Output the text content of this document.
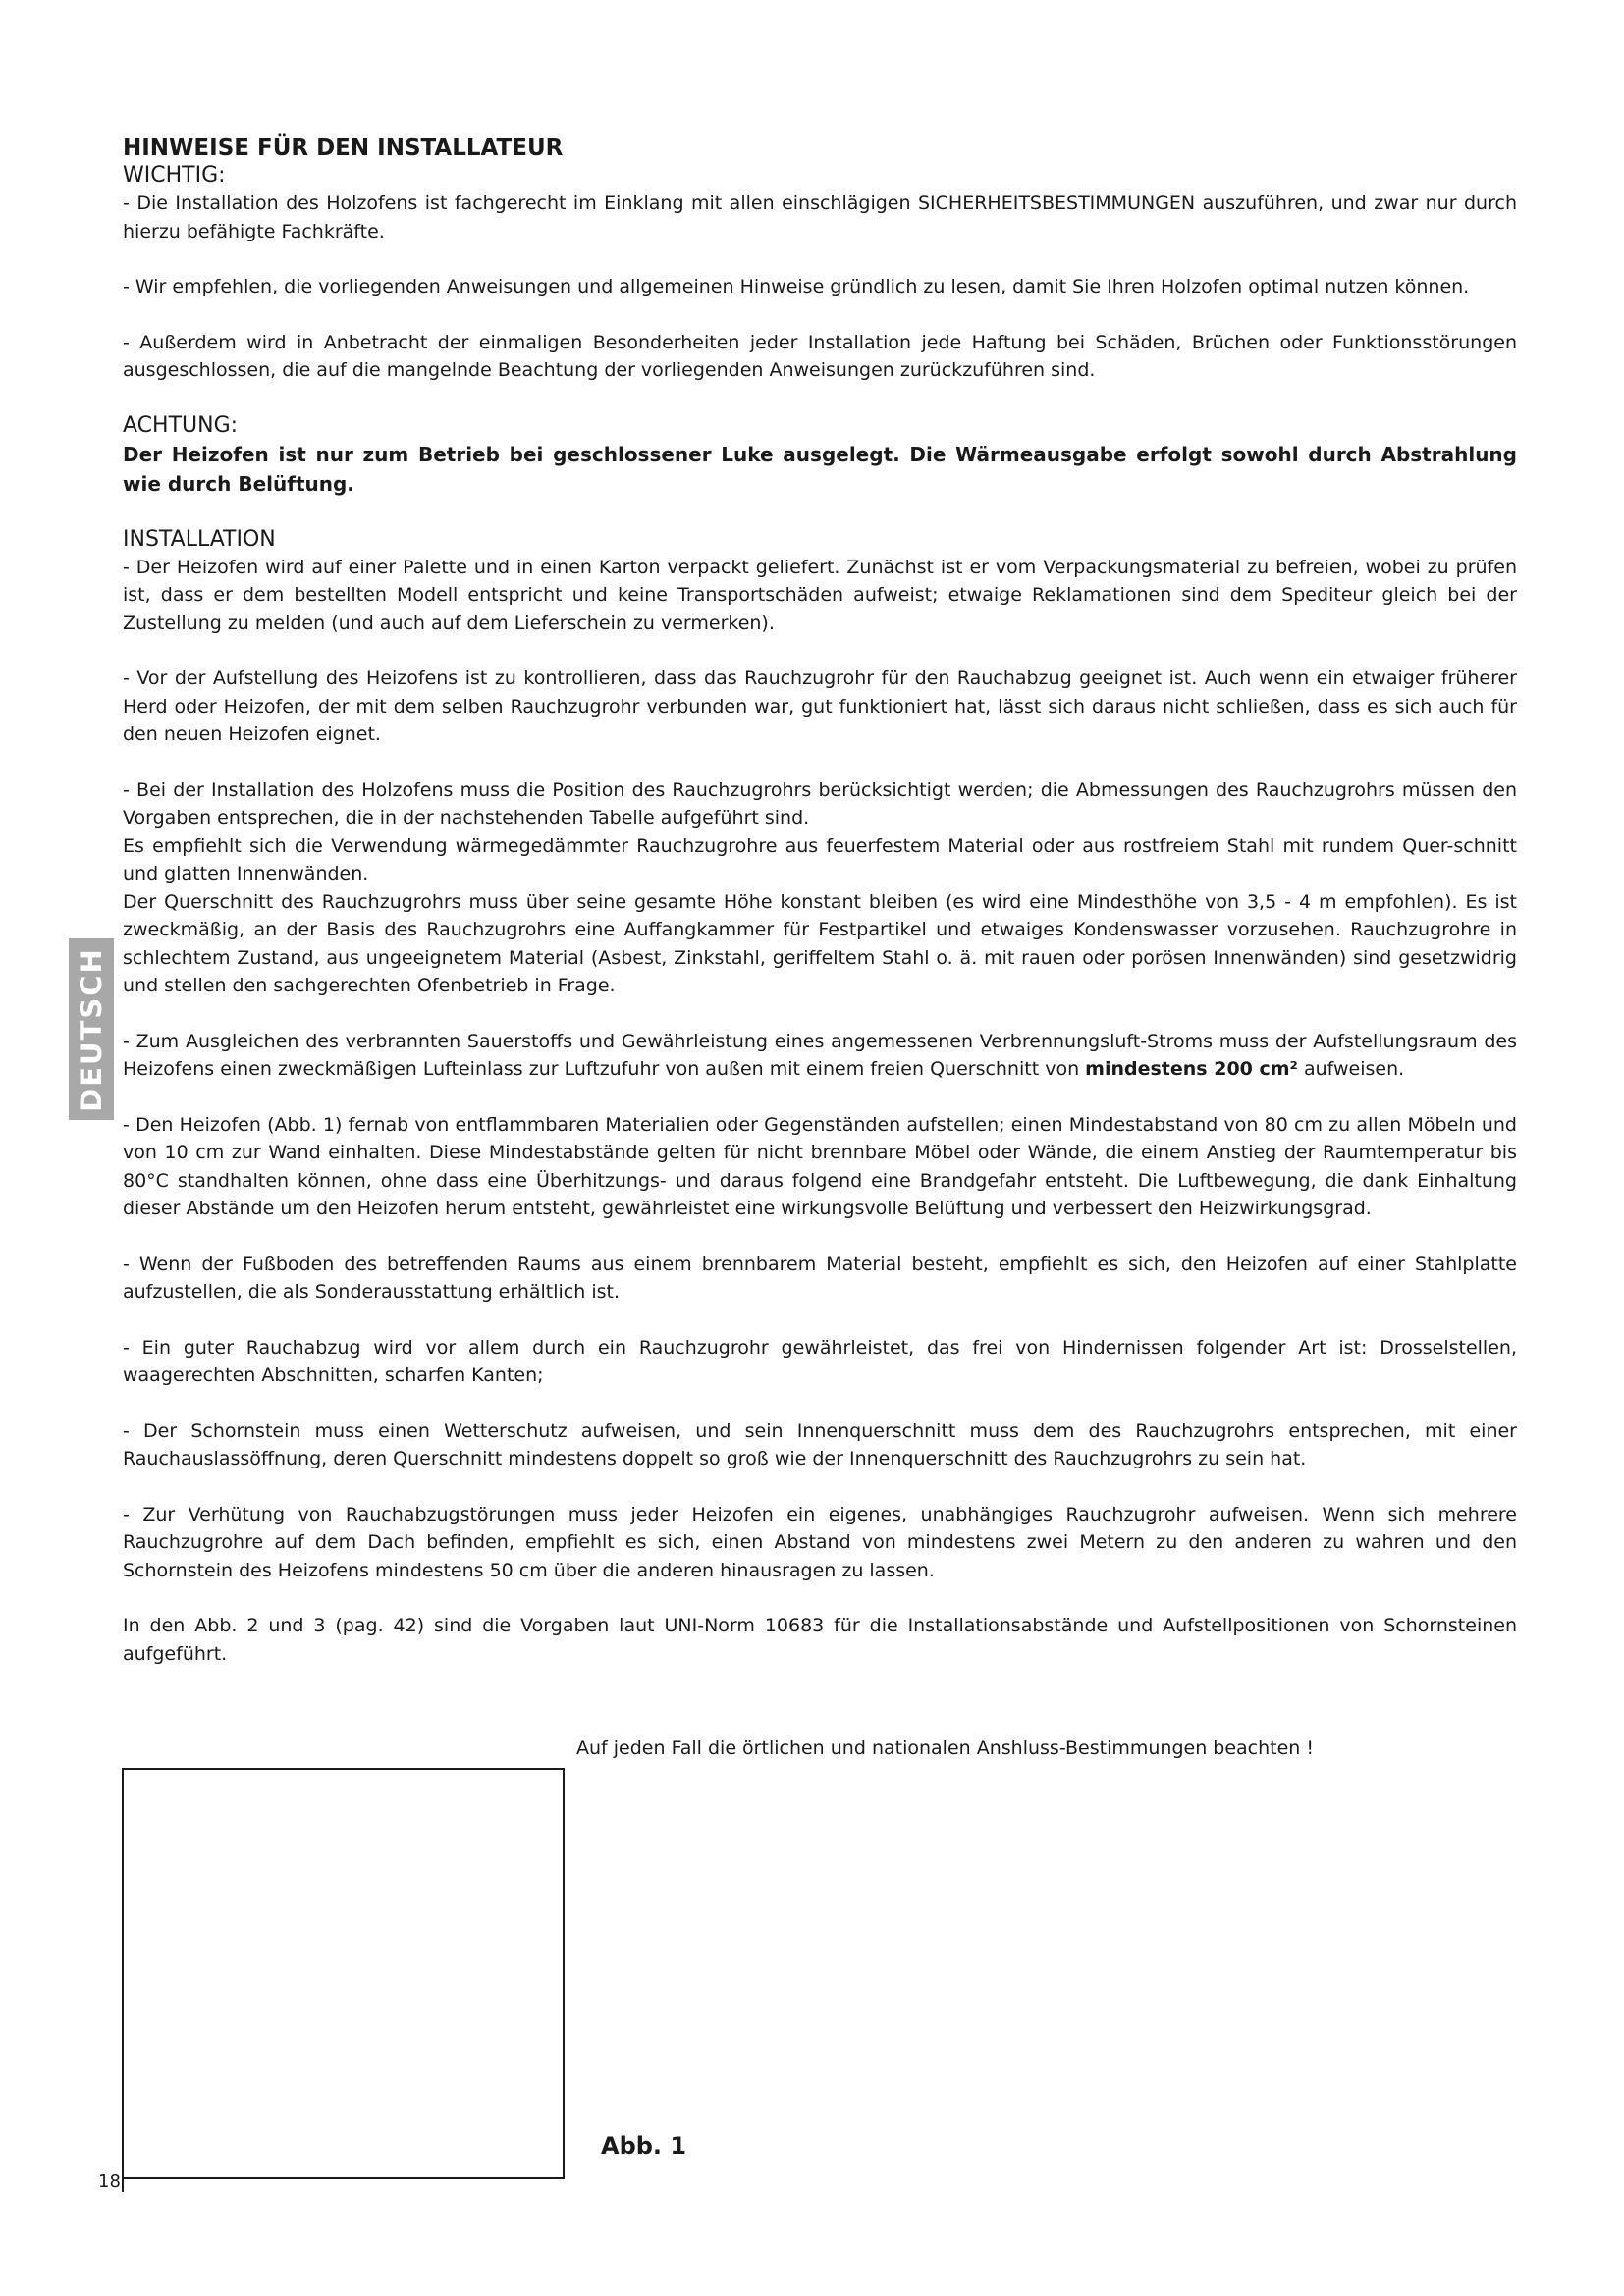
DEUTSCH
HINWEISE FÜR DEN INSTALLATEUR
WICHTIG:

- Die Installation des Holzofens ist fachgerecht im Einklang mit allen einschlägigen SICHERHEITSBESTIMMUNGEN auszuführen, und zwar nur durch hierzu befähigte Fachkräfte.

- Wir empfehlen, die vorliegenden Anweisungen und allgemeinen Hinweise gründlich zu lesen, damit Sie Ihren Holzofen optimal nutzen können.

- Außerdem wird in Anbetracht der einmaligen Besonderheiten jeder Installation jede Haftung bei Schäden, Brüchen oder Funktionsstörungen ausgeschlossen, die auf die mangelnde Beachtung der vorliegenden Anweisungen zurückzuführen sind.

ACHTUNG:

Der Heizofen ist nur zum Betrieb bei geschlossener Luke ausgelegt. Die Wärmeausgabe erfolgt sowohl durch Abstrahlung wie durch Belüftung.

INSTALLATION

- Der Heizofen wird auf einer Palette und in einen Karton verpackt geliefert. Zunächst ist er vom Verpackungsmaterial zu befreien, wobei zu prüfen ist, dass er dem bestellten Modell entspricht und keine Transportschäden aufweist; etwaige Reklamationen sind dem Spediteur gleich bei der Zustellung zu melden (und auch auf dem Lieferschein zu vermerken).

- Vor der Aufstellung des Heizofens ist zu kontrollieren, dass das Rauchzugrohr für den Rauchabzug geeignet ist. Auch wenn ein etwaiger früherer Herd oder Heizofen, der mit dem selben Rauchzugrohr verbunden war, gut funktioniert hat, lässt sich daraus nicht schließen, dass es sich auch für den neuen Heizofen eignet.

- Bei der Installation des Holzofens muss die Position des Rauchzugrohrs berücksichtigt werden; die Abmessungen des Rauchzugrohrs müssen den Vorgaben entsprechen, die in der nachstehenden Tabelle aufgeführt sind.

Es empfiehlt sich die Verwendung wärmegedämmter Rauchzugrohre aus feuerfestem Material oder aus rostfreiem Stahl mit rundem Quer-schnitt und glatten Innenwänden.

Der Querschnitt des Rauchzugrohrs muss über seine gesamte Höhe konstant bleiben (es wird eine Mindesthöhe von 3,5 - 4 m empfohlen). Es ist zweckmäßig, an der Basis des Rauchzugrohrs eine Auffangkammer für Festpartikel und etwaiges Kondenswasser vorzusehen. Rauchzugrohre in schlechtem Zustand, aus ungeeignetem Material (Asbest, Zinkstahl, geriffeltem Stahl o. ä. mit rauen oder porösen Innenwänden) sind gesetzwidrig und stellen den sachgerechten Ofenbetrieb in Frage.

- Zum Ausgleichen des verbrannten Sauerstoffs und Gewährleistung eines angemessenen Verbrennungsluft-Stroms muss der Aufstellungsraum des Heizofens einen zweckmäßigen Lufteinlass zur Luftzufuhr von außen mit einem freien Querschnitt von mindestens 200 cm² aufweisen.

- Den Heizofen (Abb. 1) fernab von entflammbaren Materialien oder Gegenständen aufstellen; einen Mindestabstand von 80 cm zu allen Möbeln und von 10 cm zur Wand einhalten. Diese Mindestabstände gelten für nicht brennbare Möbel oder Wände, die einem Anstieg der Raumtemperatur bis 80°C standhalten können, ohne dass eine Überhitzungs- und daraus folgend eine Brandgefahr entsteht. Die Luftbewegung, die dank Einhaltung dieser Abstände um den Heizofen herum entsteht, gewährleistet eine wirkungsvolle Belüftung und verbessert den Heizwirkungsgrad.

- Wenn der Fußboden des betreffenden Raums aus einem brennbarem Material besteht, empfiehlt es sich, den Heizofen auf einer Stahlplatte aufzustellen, die als Sonderausstattung erhältlich ist.

- Ein guter Rauchabzug wird vor allem durch ein Rauchzugrohr gewährleistet, das frei von Hindernissen folgender Art ist: Drosselstellen, waagerechten Abschnitten, scharfen Kanten;

- Der Schornstein muss einen Wetterschutz aufweisen, und sein Innenquerschnitt muss dem des Rauchzugrohrs entsprechen, mit einer Rauchauslassöffnung, deren Querschnitt mindestens doppelt so groß wie der Innenquerschnitt des Rauchzugrohrs zu sein hat.

- Zur Verhütung von Rauchabzugstörungen muss jeder Heizofen ein eigenes, unabhängiges Rauchzugrohr aufweisen. Wenn sich mehrere Rauchzugrohre auf dem Dach befinden, empfiehlt es sich, einen Abstand von mindestens zwei Metern zu den anderen zu wahren und den Schornstein des Heizofens mindestens 50 cm über die anderen hinausragen zu lassen.

In den Abb. 2 und 3 (pag. 42) sind die Vorgaben laut UNI-Norm 10683 für die Installationsabstände und Aufstellpositionen von Schornsteinen aufgeführt.

Auf jeden Fall die örtlichen und nationalen Anshluss-Bestimmungen beachten !
Abb. 1
18
